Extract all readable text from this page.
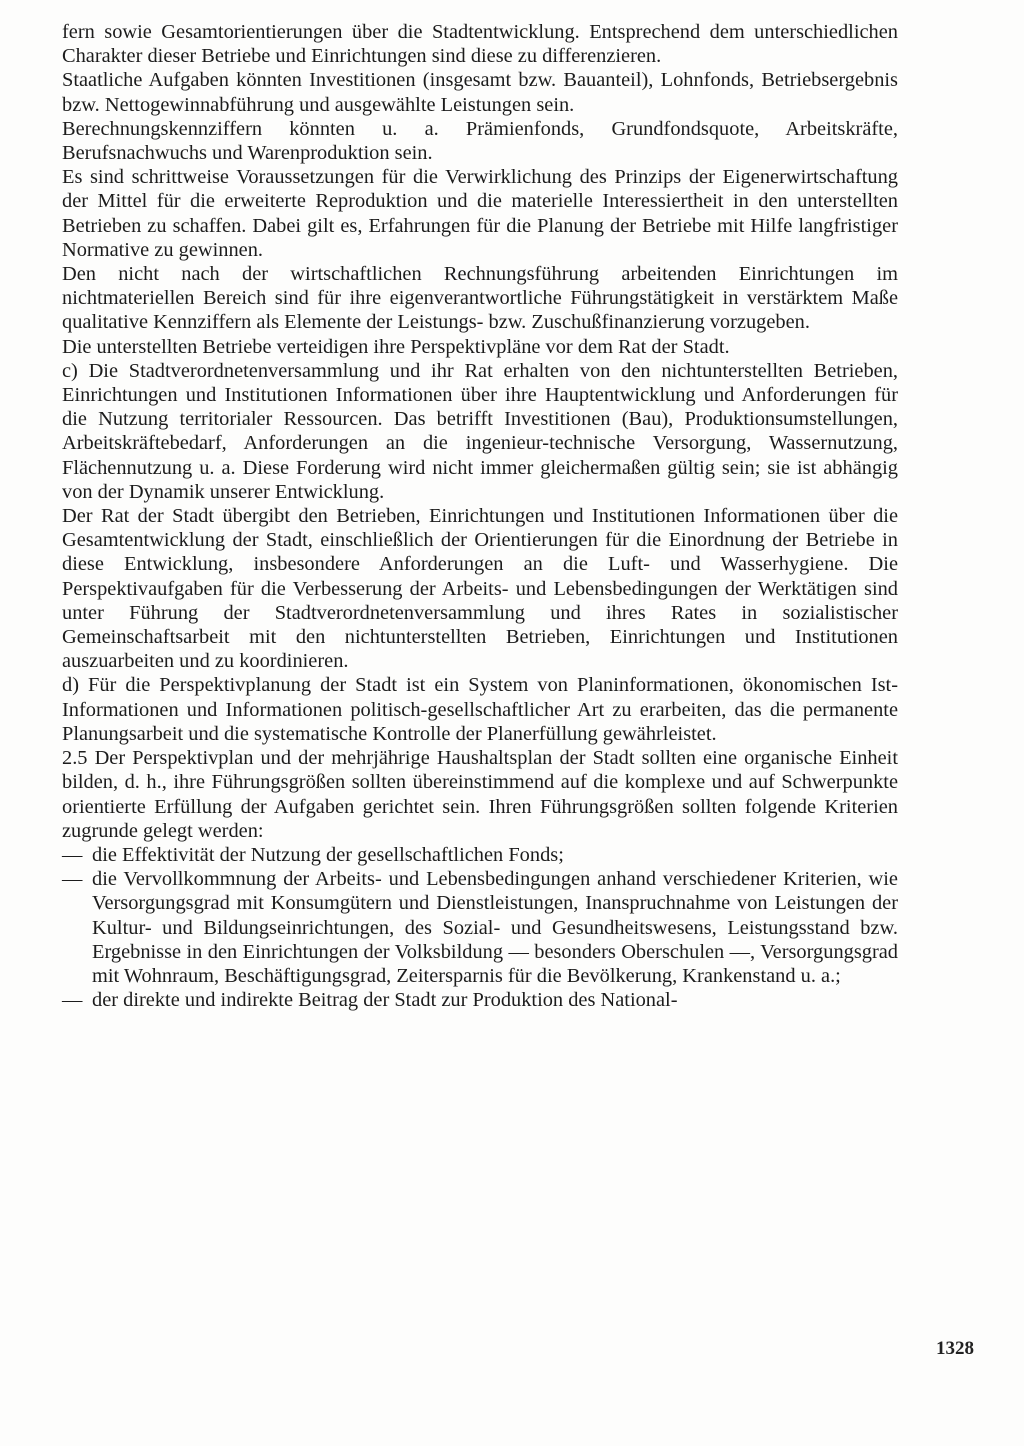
fern sowie Gesamtorientierungen über die Stadtentwicklung. Entsprechend dem unterschiedlichen Charakter dieser Betriebe und Einrichtungen sind diese zu differenzieren.

Staatliche Aufgaben könnten Investitionen (insgesamt bzw. Bauanteil), Lohnfonds, Betriebsergebnis bzw. Nettogewinnabführung und ausgewählte Leistungen sein.

Berechnungskennziffern könnten u. a. Prämienfonds, Grundfondsquote, Arbeitskräfte, Berufsnachwuchs und Warenproduktion sein.

Es sind schrittweise Voraussetzungen für die Verwirklichung des Prinzips der Eigenerwirtschaftung der Mittel für die erweiterte Reproduktion und die materielle Interessiertheit in den unterstellten Betrieben zu schaffen. Dabei gilt es, Erfahrungen für die Planung der Betriebe mit Hilfe langfristiger Normative zu gewinnen.

Den nicht nach der wirtschaftlichen Rechnungsführung arbeitenden Einrichtungen im nichtmateriellen Bereich sind für ihre eigenverantwortliche Führungstätigkeit in verstärktem Maße qualitative Kennziffern als Elemente der Leistungs- bzw. Zuschußfinanzierung vorzugeben.

Die unterstellten Betriebe verteidigen ihre Perspektivpläne vor dem Rat der Stadt.

c) Die Stadtverordnetenversammlung und ihr Rat erhalten von den nichtunterstellten Betrieben, Einrichtungen und Institutionen Informationen über ihre Hauptentwicklung und Anforderungen für die Nutzung territorialer Ressourcen. Das betrifft Investitionen (Bau), Produktionsumstellungen, Arbeitskräftebedarf, Anforderungen an die ingenieur-technische Versorgung, Wassernutzung, Flächennutzung u. a. Diese Forderung wird nicht immer gleichermaßen gültig sein; sie ist abhängig von der Dynamik unserer Entwicklung.

Der Rat der Stadt übergibt den Betrieben, Einrichtungen und Institutionen Informationen über die Gesamtentwicklung der Stadt, einschließlich der Orientierungen für die Einordnung der Betriebe in diese Entwicklung, insbesondere Anforderungen an die Luft- und Wasserhygiene. Die Perspektivaufgaben für die Verbesserung der Arbeits- und Lebensbedingungen der Werktätigen sind unter Führung der Stadtverordnetenversammlung und ihres Rates in sozialistischer Gemeinschaftsarbeit mit den nichtunterstellten Betrieben, Einrichtungen und Institutionen auszuarbeiten und zu koordinieren.

d) Für die Perspektivplanung der Stadt ist ein System von Planinformationen, ökonomischen Ist-Informationen und Informationen politisch-gesellschaftlicher Art zu erarbeiten, das die permanente Planungsarbeit und die systematische Kontrolle der Planerfüllung gewährleistet.

2.5 Der Perspektivplan und der mehrjährige Haushaltsplan der Stadt sollten eine organische Einheit bilden, d. h., ihre Führungsgrößen sollten übereinstimmend auf die komplexe und auf Schwerpunkte orientierte Erfüllung der Aufgaben gerichtet sein. Ihren Führungsgrößen sollten folgende Kriterien zugrunde gelegt werden:

— die Effektivität der Nutzung der gesellschaftlichen Fonds;
— die Vervollkommnung der Arbeits- und Lebensbedingungen anhand verschiedener Kriterien, wie Versorgungsgrad mit Konsumgütern und Dienstleistungen, Inanspruchnahme von Leistungen der Kultur- und Bildungseinrichtungen, des Sozial- und Gesundheitswesens, Leistungsstand bzw. Ergebnisse in den Einrichtungen der Volksbildung — besonders Oberschulen —, Versorgungsgrad mit Wohnraum, Beschäftigungsgrad, Zeitersparnis für die Bevölkerung, Krankenstand u. a.;
— der direkte und indirekte Beitrag der Stadt zur Produktion des National-
1328
